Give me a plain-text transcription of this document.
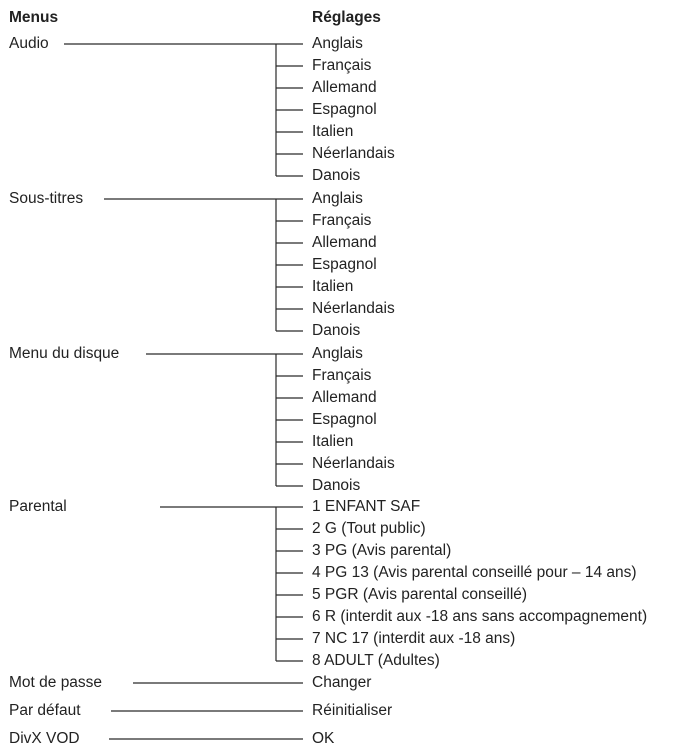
Menus	Réglages
Audio	Anglais
Français
Allemand
Espagnol
Italien
Néerlandais
Danois
Sous-titres	Anglais
Français
Allemand
Espagnol
Italien
Néerlandais
Danois
Menu du disque	Anglais
Français
Allemand
Espagnol
Italien
Néerlandais
Danois
Parental	1 ENFANT SAF
2 G (Tout public)
3 PG (Avis parental)
4 PG 13 (Avis parental conseillé pour – 14 ans)
5 PGR (Avis parental conseillé)
6 R (interdit aux -18 ans sans accompagnement)
7 NC 17 (interdit aux -18 ans)
8 ADULT (Adultes)
Mot de passe	Changer
Par défaut	Réinitialiser
DivX VOD	OK
